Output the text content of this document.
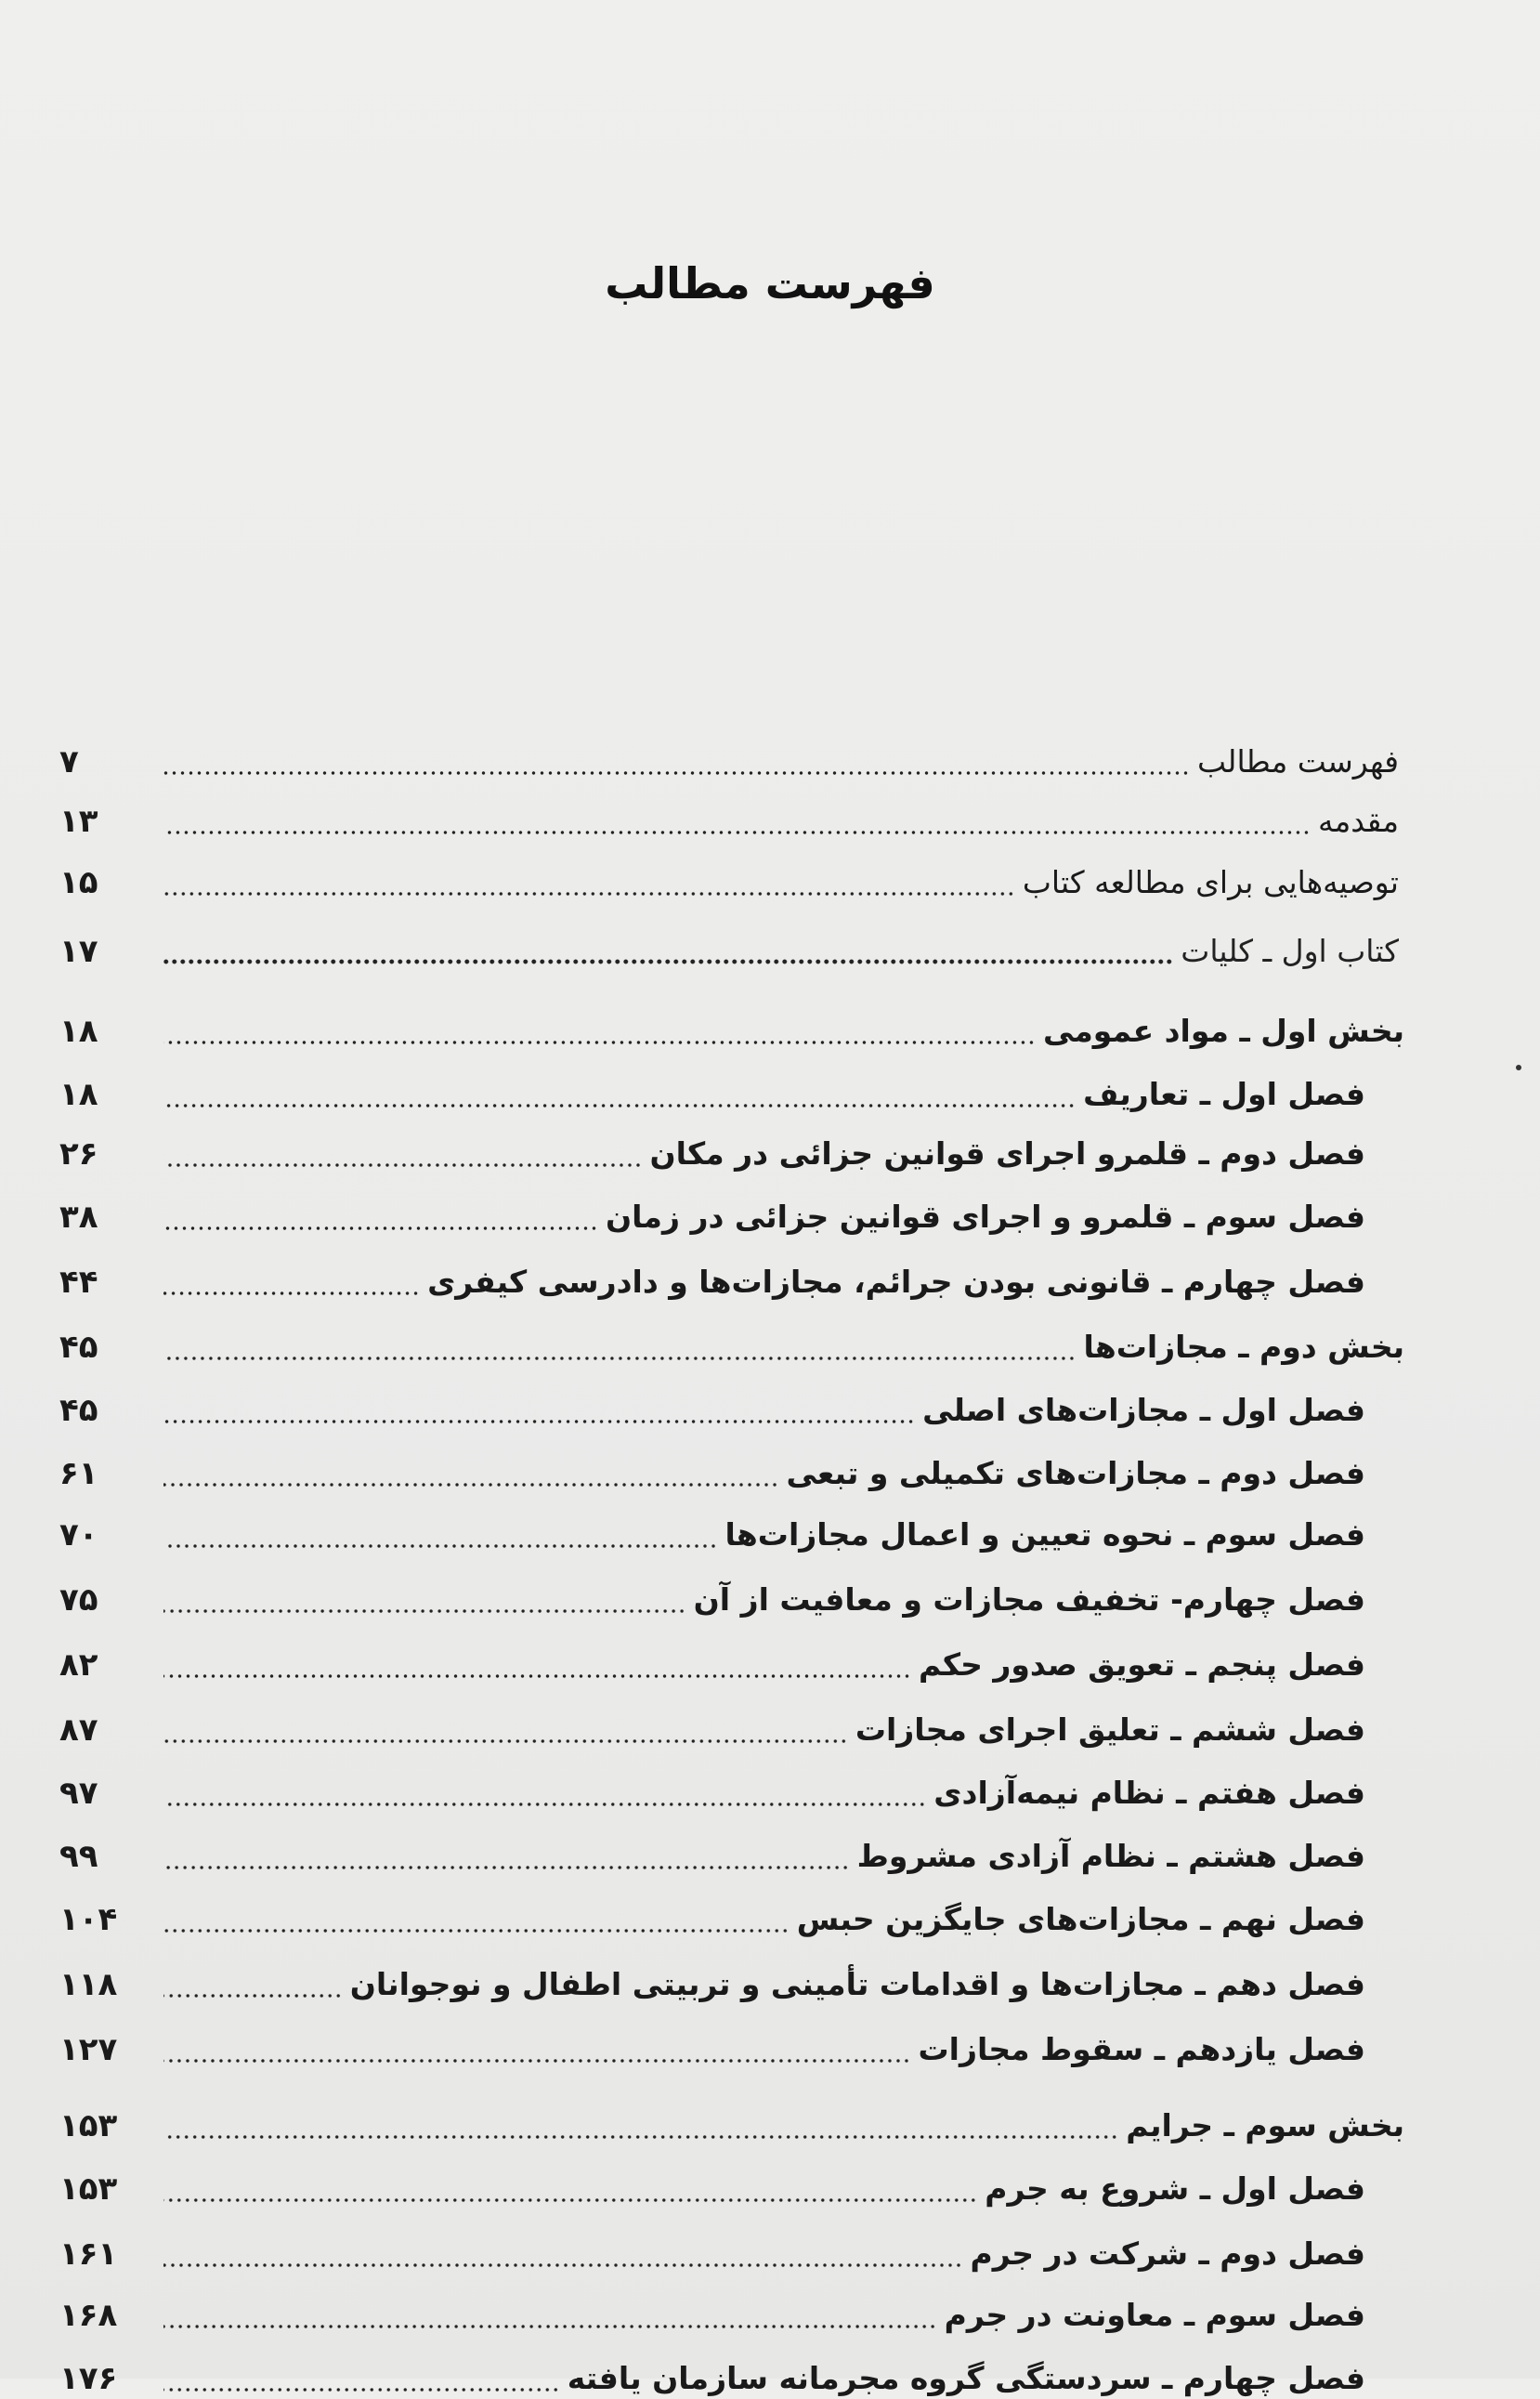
فهرست مطالب
فهرست مطالب
۷
مقدمه
۱۳
توصیه‌هایی برای مطالعه کتاب
۱۵
کتاب اول ـ کلیات
۱۷
بخش اول ـ مواد عمومی
۱۸
فصل اول ـ تعاریف
۱۸
فصل دوم ـ قلمرو اجرای قوانین جزائی در مکان
۲۶
فصل سوم ـ قلمرو و اجرای قوانین جزائی در زمان
۳۸
فصل چهارم ـ قانونی بودن جرائم، مجازات‌ها و دادرسی کیفری
۴۴
بخش دوم ـ مجازات‌ها
۴۵
فصل اول ـ مجازات‌های اصلی
۴۵
فصل دوم ـ مجازات‌های تکمیلی و تبعی
۶۱
فصل سوم ـ نحوه تعیین و اعمال مجازات‌ها
۷۰
فصل چهارم- تخفیف مجازات و معافیت از آن
۷۵
فصل پنجم ـ تعویق صدور حکم
۸۲
فصل ششم ـ تعلیق اجرای مجازات
۸۷
فصل هفتم ـ نظام نیمه‌آزادی
۹۷
فصل هشتم ـ نظام آزادی مشروط
۹۹
فصل نهم ـ مجازات‌های جایگزین حبس
۱۰۴
فصل دهم ـ مجازات‌ها و اقدامات تأمینی و تربیتی اطفال و نوجوانان
۱۱۸
فصل یازدهم ـ سقوط مجازات
۱۲۷
بخش سوم ـ جرایم
۱۵۳
فصل اول ـ شروع به جرم
۱۵۳
فصل دوم ـ شرکت در جرم
۱۶۱
فصل سوم ـ معاونت در جرم
۱۶۸
فصل چهارم ـ سردستگی گروه مجرمانه سازمان یافته
۱۷۶
